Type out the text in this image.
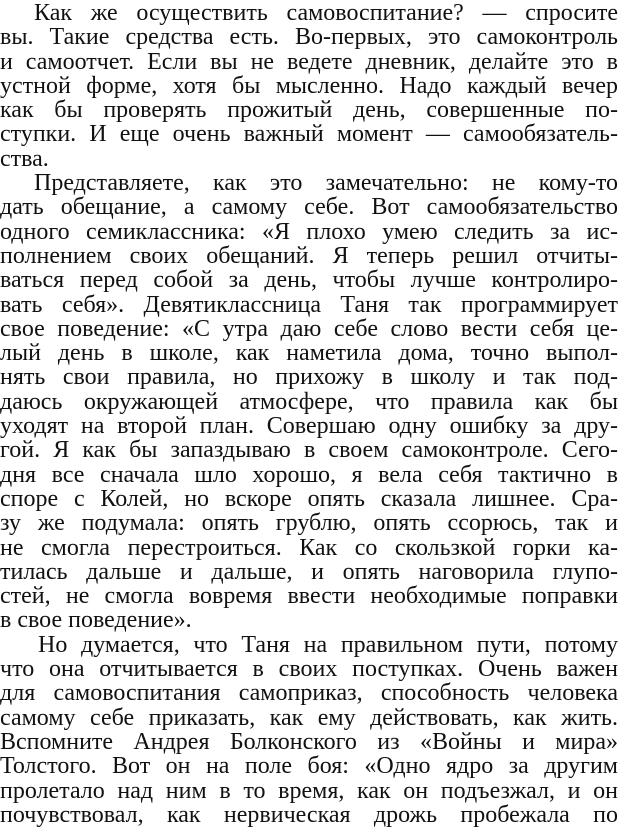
Как же осуществить самовоспитание? — спросите
вы. Такие средства есть. Во-первых, это самоконтроль
и самоотчет. Если вы не ведете дневник, делайте это в
устной форме, хотя бы мысленно. Надо каждый вечер
как бы проверять прожитый день, совершенные по-
ступки. И еще очень важный момент — самообязатель-
ства.
Представляете, как это замечательно: не кому-то
дать обещание, а самому себе. Вот самообязательство
одного семиклассника: «Я плохо умею следить за ис-
полнением своих обещаний. Я теперь решил отчиты-
ваться перед собой за день, чтобы лучше контролиро-
вать себя». Девятиклассница Таня так программирует
свое поведение: «С утра даю себе слово вести себя це-
лый день в школе, как наметила дома, точно выпол-
нять свои правила, но прихожу в школу и так под-
даюсь окружающей атмосфере, что правила как бы
уходят на второй план. Совершаю одну ошибку за дру-
гой. Я как бы запаздываю в своем самоконтроле. Сего-
дня все сначала шло хорошо, я вела себя тактично в
споре с Колей, но вскоре опять сказала лишнее. Сра-
зу же подумала: опять грублю, опять ссорюсь, так и
не смогла перестроиться. Как со скользкой горки ка-
тилась дальше и дальше, и опять наговорила глупо-
стей, не смогла вовремя ввести необходимые поправки
в свое поведение».
Но думается, что Таня на правильном пути, потому
что она отчитывается в своих поступках. Очень важен
для самовоспитания самоприказ, способность человека
самому себе приказать, как ему действовать, как жить.
Вспомните Андрея Болконского из «Войны и мира»
Толстого. Вот он на поле боя: «Одно ядро за другим
пролетало над ним в то время, как он подъезжал, и он
почувствовал, как нервическая дрожь пробежала по
